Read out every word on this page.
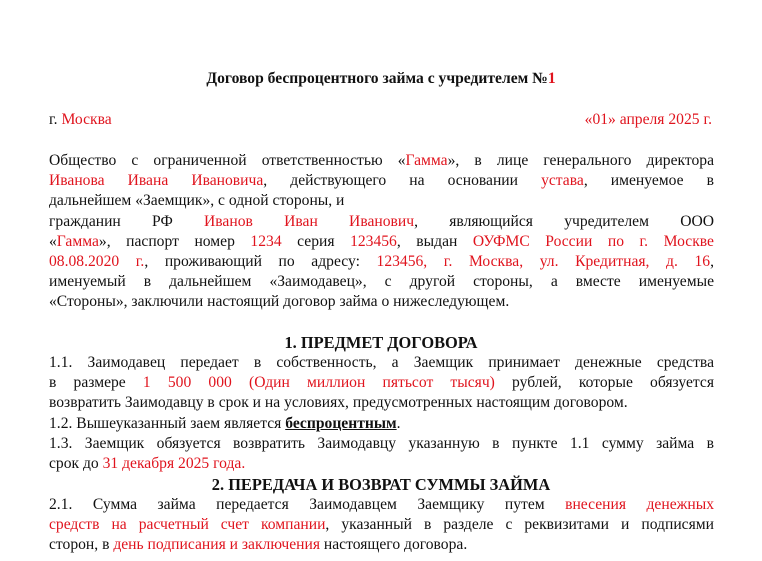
Договор беспроцентного займа с учредителем №1
г. Москва	«01» апреля 2025 г.
Общество с ограниченной ответственностью «Гамма», в лице генерального директора
Иванова Ивана Ивановича, действующего на основании устава, именуемое в
дальнейшем «Заемщик», с одной стороны, и
гражданин РФ Иванов Иван Иванович, являющийся учредителем ООО
«Гамма», паспорт номер 1234 серия 123456, выдан ОУФМС России по г. Москве
08.08.2020 г., проживающий по адресу: 123456, г. Москва, ул. Кредитная, д. 16,
именуемый в дальнейшем «Заимодавец», с другой стороны, а вместе именуемые
«Стороны», заключили настоящий договор займа о нижеследующем.
1. ПРЕДМЕТ ДОГОВОРА
1.1. Заимодавец передает в собственность, а Заемщик принимает денежные средства
в размере 1 500 000 (Один миллион пятьсот тысяч) рублей, которые обязуется
возвратить Заимодавцу в срок и на условиях, предусмотренных настоящим договором.
1.2. Вышеуказанный заем является беспроцентным.
1.3. Заемщик обязуется возвратить Заимодавцу указанную в пункте 1.1 сумму займа в
срок до 31 декабря 2025 года.
2. ПЕРЕДАЧА И ВОЗВРАТ СУММЫ ЗАЙМА
2.1. Сумма займа передается Заимодавцем Заемщику путем внесения денежных
средств на расчетный счет компании, указанный в разделе с реквизитами и подписями
сторон, в день подписания и заключения настоящего договора.
